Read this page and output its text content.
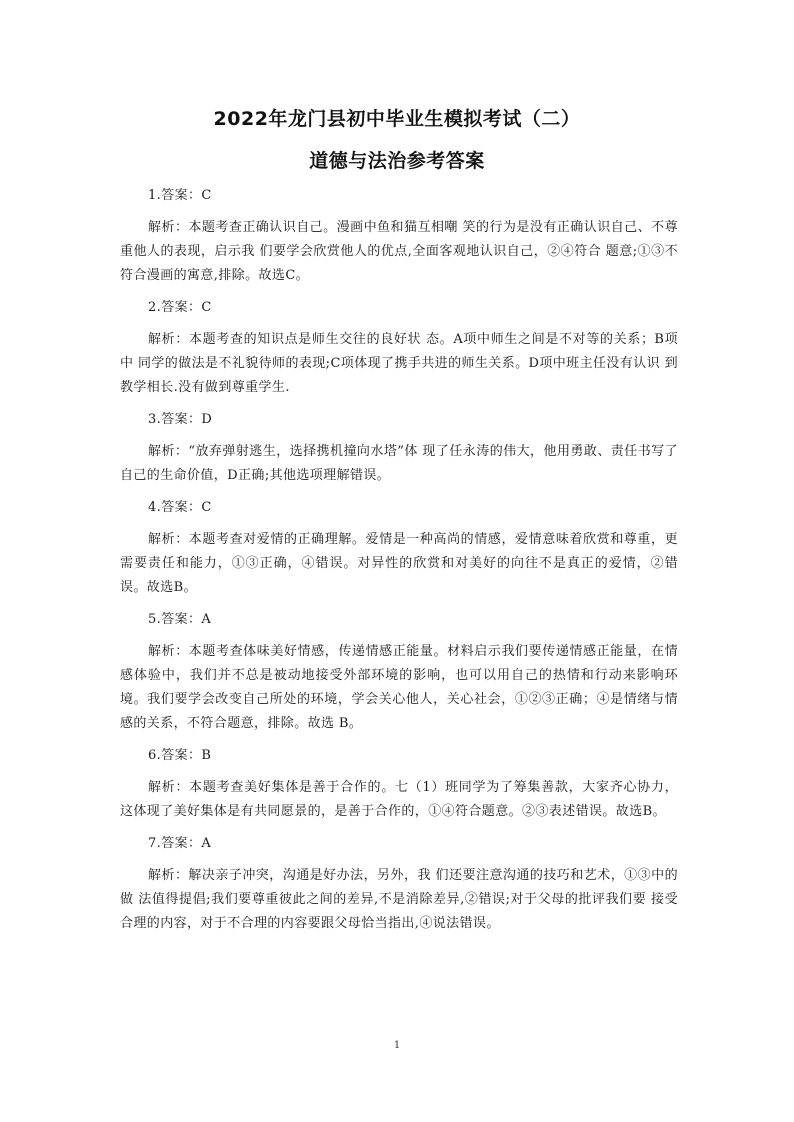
2022年龙门县初中毕业生模拟考试（二）
道德与法治参考答案

1.答案：C

解析：本题考查正确认识自己。漫画中鱼和猫互相嘲 笑的行为是没有正确认识自己、不尊重他人的表现，启示我 们要学会欣赏他人的优点,全面客观地认识自己，②④符合 题意;①③不符合漫画的寓意,排除。故选C。

2.答案：C

解析：本题考查的知识点是师生交往的良好状 态。A项中师生之间是不对等的关系；B项中 同学的做法是不礼貌待师的表现;C项体现了携手共进的师生关系。D项中班主任没有认识 到教学相长.没有做到尊重学生.

3.答案：D

解析：“放弃弹射逃生，选择携机撞向水塔”体 现了任永涛的伟大，他用勇敢、责任书写了自己的生命价值，D正确;其他选项理解错误。

4.答案：C

解析：本题考查对爱情的正确理解。爱情是一种高尚的情感，爱情意味着欣赏和尊重，更需要责任和能力，①③正确，④错误。对异性的欣赏和对美好的向往不是真正的爱情，②错误。故选B。

5.答案：A

解析：本题考查体味美好情感，传递情感正能量。材料启示我们要传递情感正能量，在情感体验中，我们并不总是被动地接受外部环境的影响，也可以用自己的热情和行动来影响环境。我们要学会改变自己所处的环境，学会关心他人，关心社会，①②③正确；④是情绪与情感的关系，不符合题意，排除。故选 B。

6.答案：B

解析：本题考查美好集体是善于合作的。七（1）班同学为了筹集善款，大家齐心协力，这体现了美好集体是有共同愿景的，是善于合作的，①④符合题意。②③表述错误。故选B。

7.答案：A

解析：解决亲子冲突，沟通是好办法，另外，我 们还要注意沟通的技巧和艺术，①③中的做 法值得提倡;我们要尊重彼此之间的差异,不是消除差异,②错误;对于父母的批评我们要 接受合理的内容，对于不合理的内容要跟父母恰当指出,④说法错误。

1
